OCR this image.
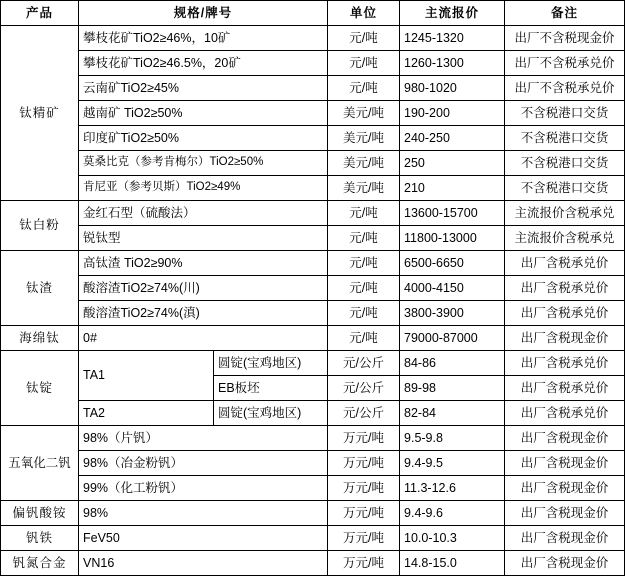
产品	规格/牌号		单位	主流报价	备注
钛精矿	攀枝花矿TiO2≥46%，10矿		元/吨	1245-1320	出厂不含税现金价
	攀枝花矿TiO2≥46.5%，20矿		元/吨	1260-1300	出厂不含税承兑价
	云南矿TiO2≥45%		元/吨	980-1020	出厂不含税承兑价
	越南矿 TiO2≥50%		美元/吨	190-200	不含税港口交货
	印度矿TiO2≥50%		美元/吨	240-250	不含税港口交货
	莫桑比克（参考肯梅尔）TiO2≥50%		美元/吨	250	不含税港口交货
	肯尼亚（参考贝斯）TiO2≥49%		美元/吨	210	不含税港口交货
钛白粉	金红石型（硫酸法）		元/吨	13600-15700	主流报价含税承兑
	锐钛型		元/吨	11800-13000	主流报价含税承兑
钛渣	高钛渣 TiO2≥90%		元/吨	6500-6650	出厂含税承兑价
	酸溶渣TiO2≥74%(川)		元/吨	4000-4150	出厂含税承兑价
	酸溶渣TiO2≥74%(滇)		元/吨	3800-3900	出厂含税承兑价
海绵钛	0#		元/吨	79000-87000	出厂含税现金价
钛锭	TA1	圆锭(宝鸡地区)	元/公斤	84-86	出厂含税承兑价
		EB板坯	元/公斤	89-98	出厂含税承兑价
	TA2	圆锭(宝鸡地区)	元/公斤	82-84	出厂含税承兑价
五氧化二钒	98%（片钒）		万元/吨	9.5-9.8	出厂含税现金价
	98%（冶金粉钒）		万元/吨	9.4-9.5	出厂含税现金价
	99%（化工粉钒）		万元/吨	11.3-12.6	出厂含税现金价
偏钒酸铵	98%		万元/吨	9.4-9.6	出厂含税现金价
钒铁	FeV50		万元/吨	10.0-10.3	出厂含税现金价
钒氮合金	VN16		万元/吨	14.8-15.0	出厂含税现金价
